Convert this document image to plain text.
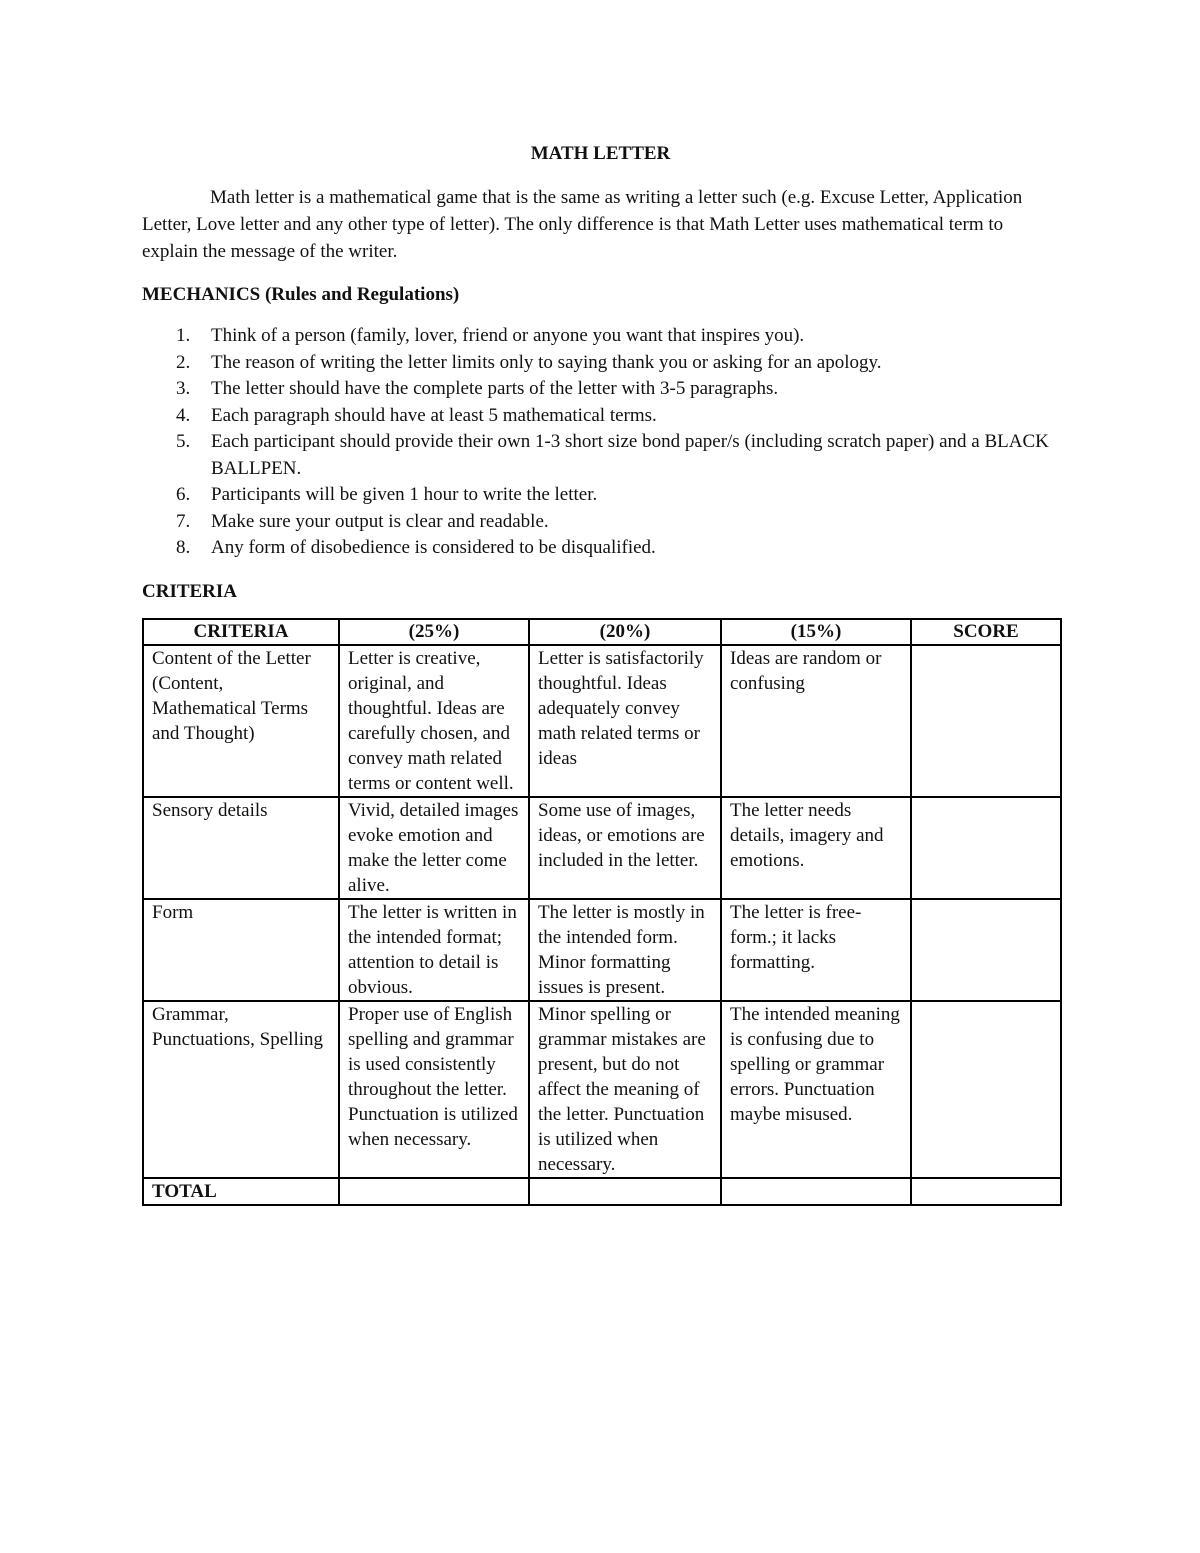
MATH LETTER

Math letter is a mathematical game that is the same as writing a letter such (e.g. Excuse Letter, Application Letter, Love letter and any other type of letter). The only difference is that Math Letter uses mathematical term to explain the message of the writer.

MECHANICS (Rules and Regulations)
1. Think of a person (family, lover, friend or anyone you want that inspires you).
2. The reason of writing the letter limits only to saying thank you or asking for an apology.
3. The letter should have the complete parts of the letter with 3-5 paragraphs.
4. Each paragraph should have at least 5 mathematical terms.
5. Each participant should provide their own 1-3 short size bond paper/s (including scratch paper) and a BLACK BALLPEN.
6. Participants will be given 1 hour to write the letter.
7. Make sure your output is clear and readable.
8. Any form of disobedience is considered to be disqualified.
CRITERIA
CRITERIA	(25%)	(20%)	(15%)	SCORE
Content of the Letter (Content, Mathematical Terms and Thought)	Letter is creative, original, and thoughtful. Ideas are carefully chosen, and convey math related terms or content well.	Letter is satisfactorily thoughtful. Ideas adequately convey math related terms or ideas	Ideas are random or confusing	
Sensory details	Vivid, detailed images evoke emotion and make the letter come alive.	Some use of images, ideas, or emotions are included in the letter.	The letter needs details, imagery and emotions.	
Form	The letter is written in the intended format; attention to detail is obvious.	The letter is mostly in the intended form. Minor formatting issues is present.	The letter is free-form.; it lacks formatting.	
Grammar, Punctuations, Spelling	Proper use of English spelling and grammar is used consistently throughout the letter. Punctuation is utilized when necessary.	Minor spelling or grammar mistakes are present, but do not affect the meaning of the letter. Punctuation is utilized when necessary.	The intended meaning is confusing due to spelling or grammar errors. Punctuation maybe misused.	
TOTAL				
